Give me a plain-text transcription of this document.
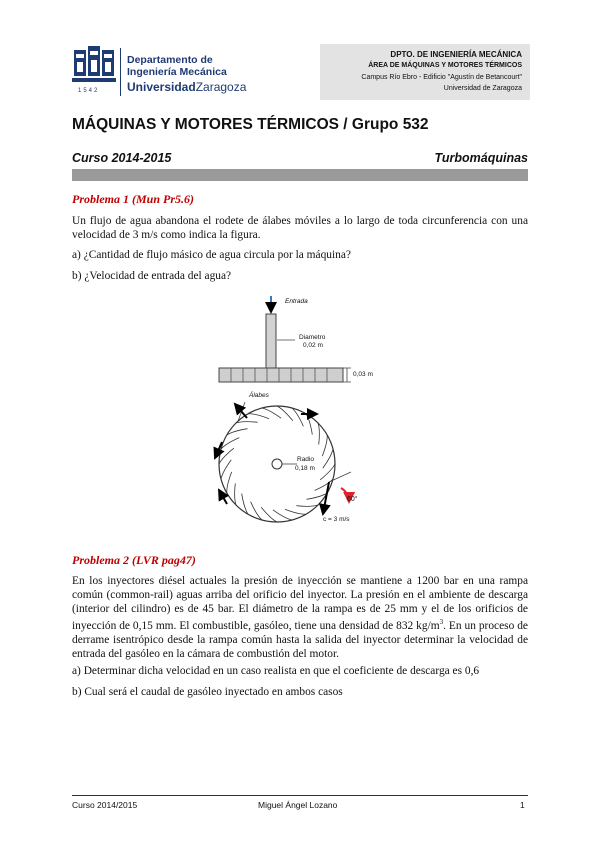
1542
Departamento de
Ingeniería Mecánica
UniversidadZaragoza
DPTO. DE INGENIERÍA MECÁNICA
ÁREA DE MÁQUINAS Y MOTORES TÉRMICOS
Campus Río Ebro - Edificio "Agustín de Betancourt"
Universidad de Zaragoza
MÁQUINAS Y MOTORES TÉRMICOS / Grupo 532
Curso 2014-2015	Turbomáquinas
Problema 1 (Mun Pr5.6)
Un flujo de agua abandona el rodete de álabes móviles a lo largo de toda circunferencia con una velocidad de 3 m/s como indica la figura.
a) ¿Cantidad de flujo másico de agua circula por la máquina?
b) ¿Velocidad de entrada del agua?
Entrada
Diametro
0,02 m
0,03 m
Álabes
Radio
0,18 m
60°
c = 3 m/s
Problema 2 (LVR pag47)
En los inyectores diésel actuales la presión de inyección se mantiene a 1200 bar en una rampa común (common-rail) aguas arriba del orificio del inyector. La presión en el ambiente de descarga (interior del cilindro) es de 45 bar. El diámetro de la rampa es de 25 mm y el de los orificios de inyección de 0,15 mm. El combustible, gasóleo, tiene una densidad de 832 $kg/m^3$. En un proceso de derrame isentrópico desde la rampa común hasta la salida del inyector determinar la velocidad de entrada del gasóleo en la cámara de combustión del motor.
a) Determinar dicha velocidad en un caso realista en que el coeficiente de descarga es 0,6
b) Cual será el caudal de gasóleo inyectado en ambos casos
Curso 2014/2015	Miguel Ángel Lozano	1
